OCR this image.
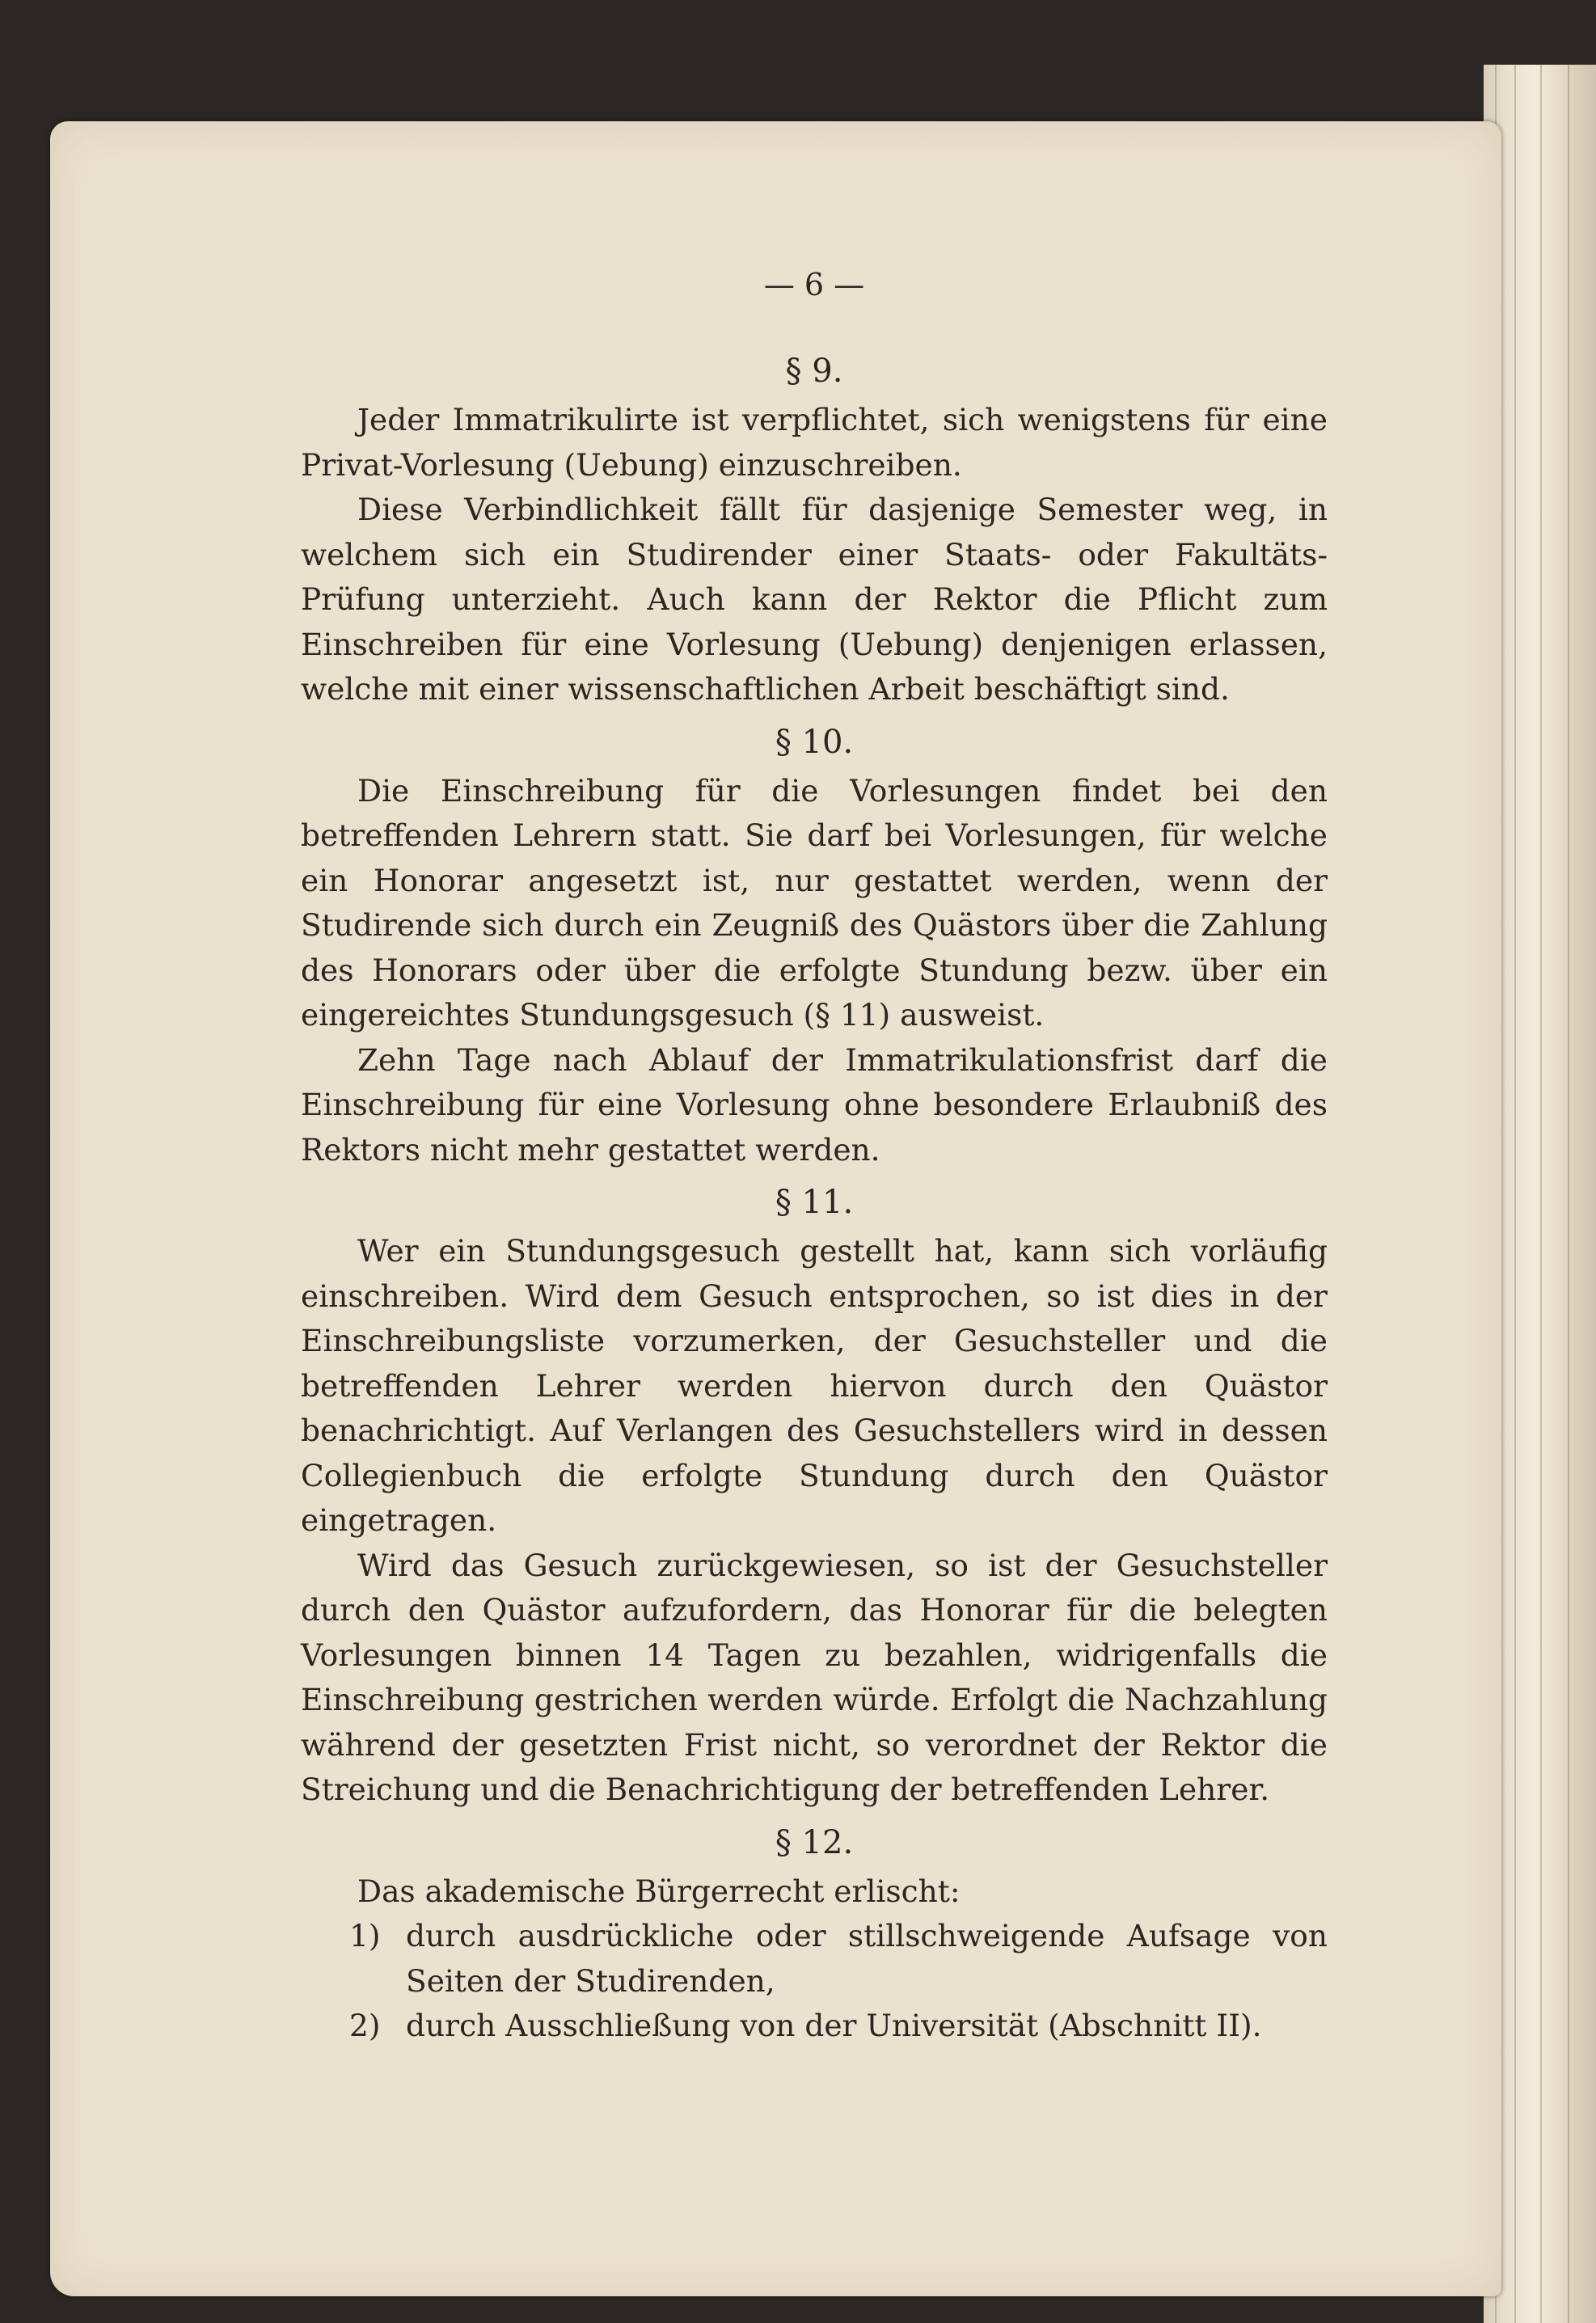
— 6 —
§ 9.

Jeder Immatrikulirte ist verpflichtet, sich wenigstens für eine Privat-Vorlesung (Uebung) einzuschreiben.

Diese Verbindlichkeit fällt für dasjenige Semester weg, in welchem sich ein Studirender einer Staats- oder Fakultäts-Prüfung unterzieht. Auch kann der Rektor die Pflicht zum Einschreiben für eine Vorlesung (Uebung) denjenigen erlassen, welche mit einer wissenschaftlichen Arbeit beschäftigt sind.

§ 10.

Die Einschreibung für die Vorlesungen findet bei den betreffenden Lehrern statt. Sie darf bei Vorlesungen, für welche ein Honorar angesetzt ist, nur gestattet werden, wenn der Studirende sich durch ein Zeugniß des Quästors über die Zahlung des Honorars oder über die erfolgte Stundung bezw. über ein eingereichtes Stundungsgesuch (§ 11) ausweist.

Zehn Tage nach Ablauf der Immatrikulationsfrist darf die Einschreibung für eine Vorlesung ohne besondere Erlaubniß des Rektors nicht mehr gestattet werden.

§ 11.

Wer ein Stundungsgesuch gestellt hat, kann sich vorläufig einschreiben. Wird dem Gesuch entsprochen, so ist dies in der Einschreibungsliste vorzumerken, der Gesuchsteller und die betreffenden Lehrer werden hiervon durch den Quästor benachrichtigt. Auf Verlangen des Gesuchstellers wird in dessen Collegienbuch die erfolgte Stundung durch den Quästor eingetragen.

Wird das Gesuch zurückgewiesen, so ist der Gesuchsteller durch den Quästor aufzufordern, das Honorar für die belegten Vorlesungen binnen 14 Tagen zu bezahlen, widrigenfalls die Einschreibung gestrichen werden würde. Erfolgt die Nachzahlung während der gesetzten Frist nicht, so verordnet der Rektor die Streichung und die Benachrichtigung der betreffenden Lehrer.

§ 12.

Das akademische Bürgerrecht erlischt:

1) durch ausdrückliche oder stillschweigende Aufsage von Seiten der Studirenden,

2) durch Ausschließung von der Universität (Abschnitt II).
